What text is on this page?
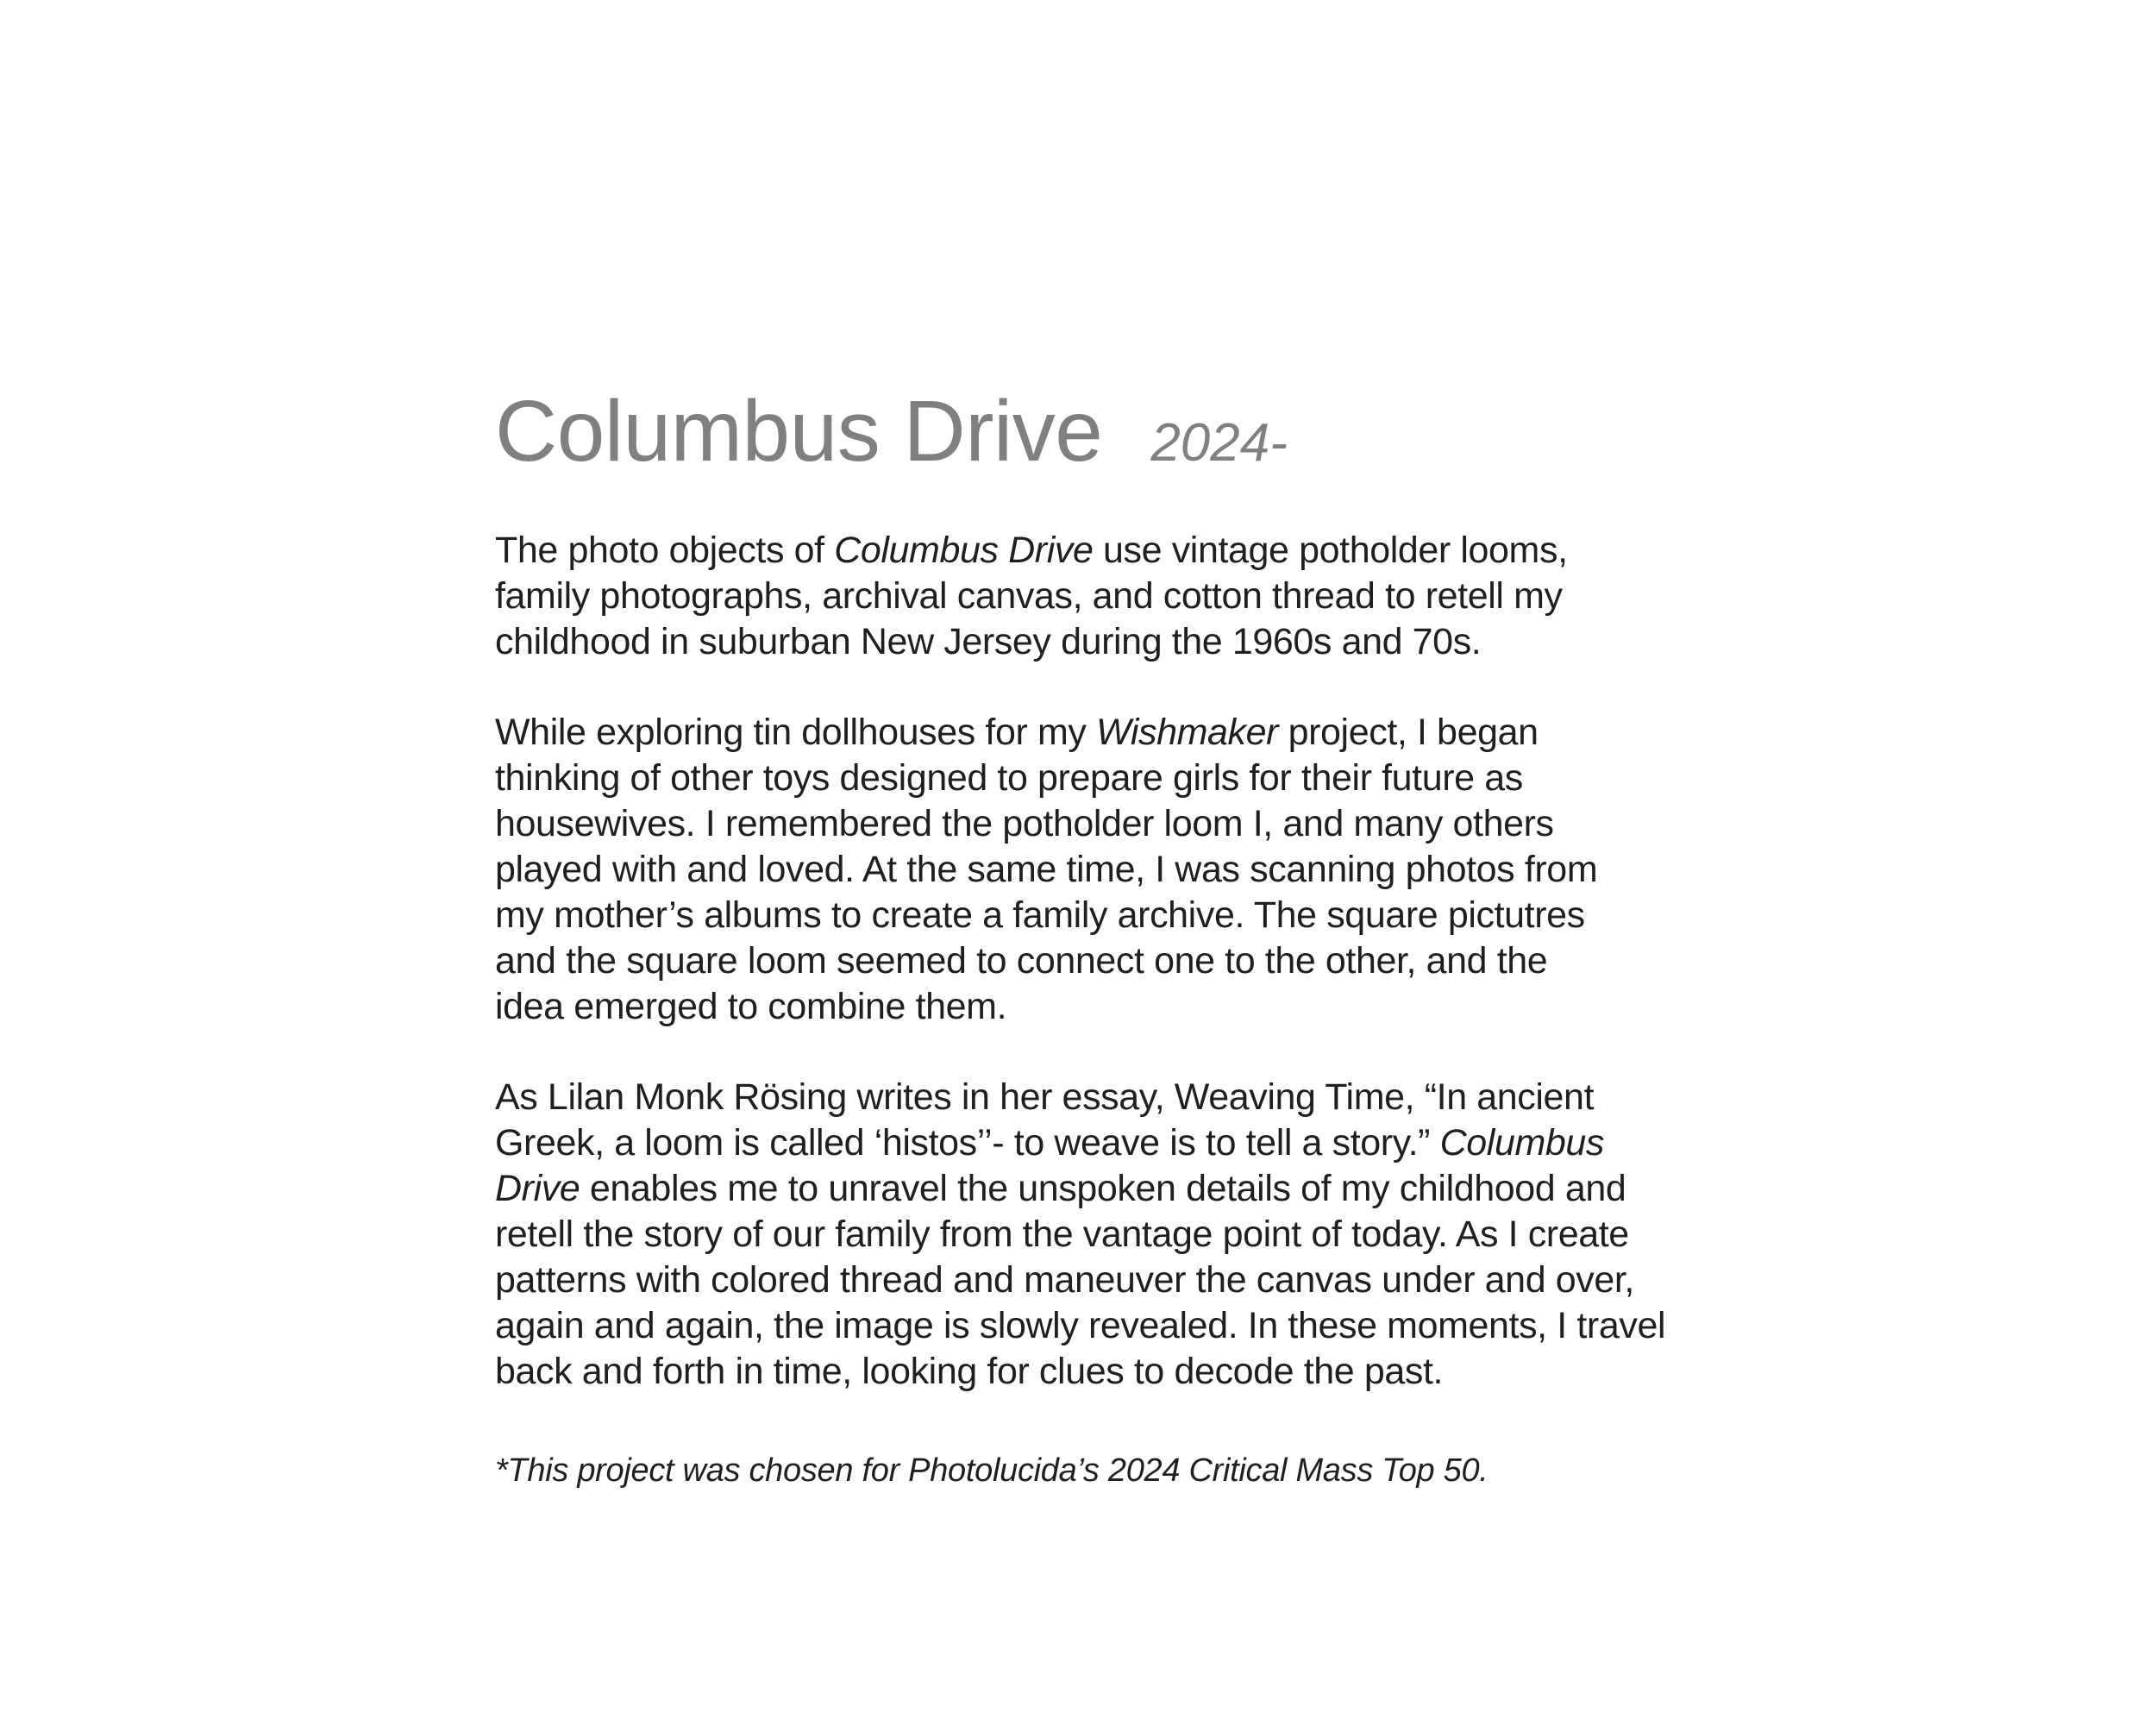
Columbus Drive 2024-

The photo objects of Columbus Drive use vintage potholder looms,
family photographs, archival canvas, and cotton thread to retell my
childhood in suburban New Jersey during the 1960s and 70s.

While exploring tin dollhouses for my Wishmaker project, I began
thinking of other toys designed to prepare girls for their future as
housewives. I remembered the potholder loom I, and many others
played with and loved. At the same time, I was scanning photos from
my mother’s albums to create a family archive. The square pictutres
and the square loom seemed to connect one to the other, and the
idea emerged to combine them.

As Lilan Monk Rösing writes in her essay, Weaving Time, “In ancient
Greek, a loom is called ‘histos’’- to weave is to tell a story.” Columbus
Drive enables me to unravel the unspoken details of my childhood and
retell the story of our family from the vantage point of today. As I create
patterns with colored thread and maneuver the canvas under and over,
again and again, the image is slowly revealed. In these moments, I travel
back and forth in time, looking for clues to decode the past.

*This project was chosen for Photolucida’s 2024 Critical Mass Top 50.
